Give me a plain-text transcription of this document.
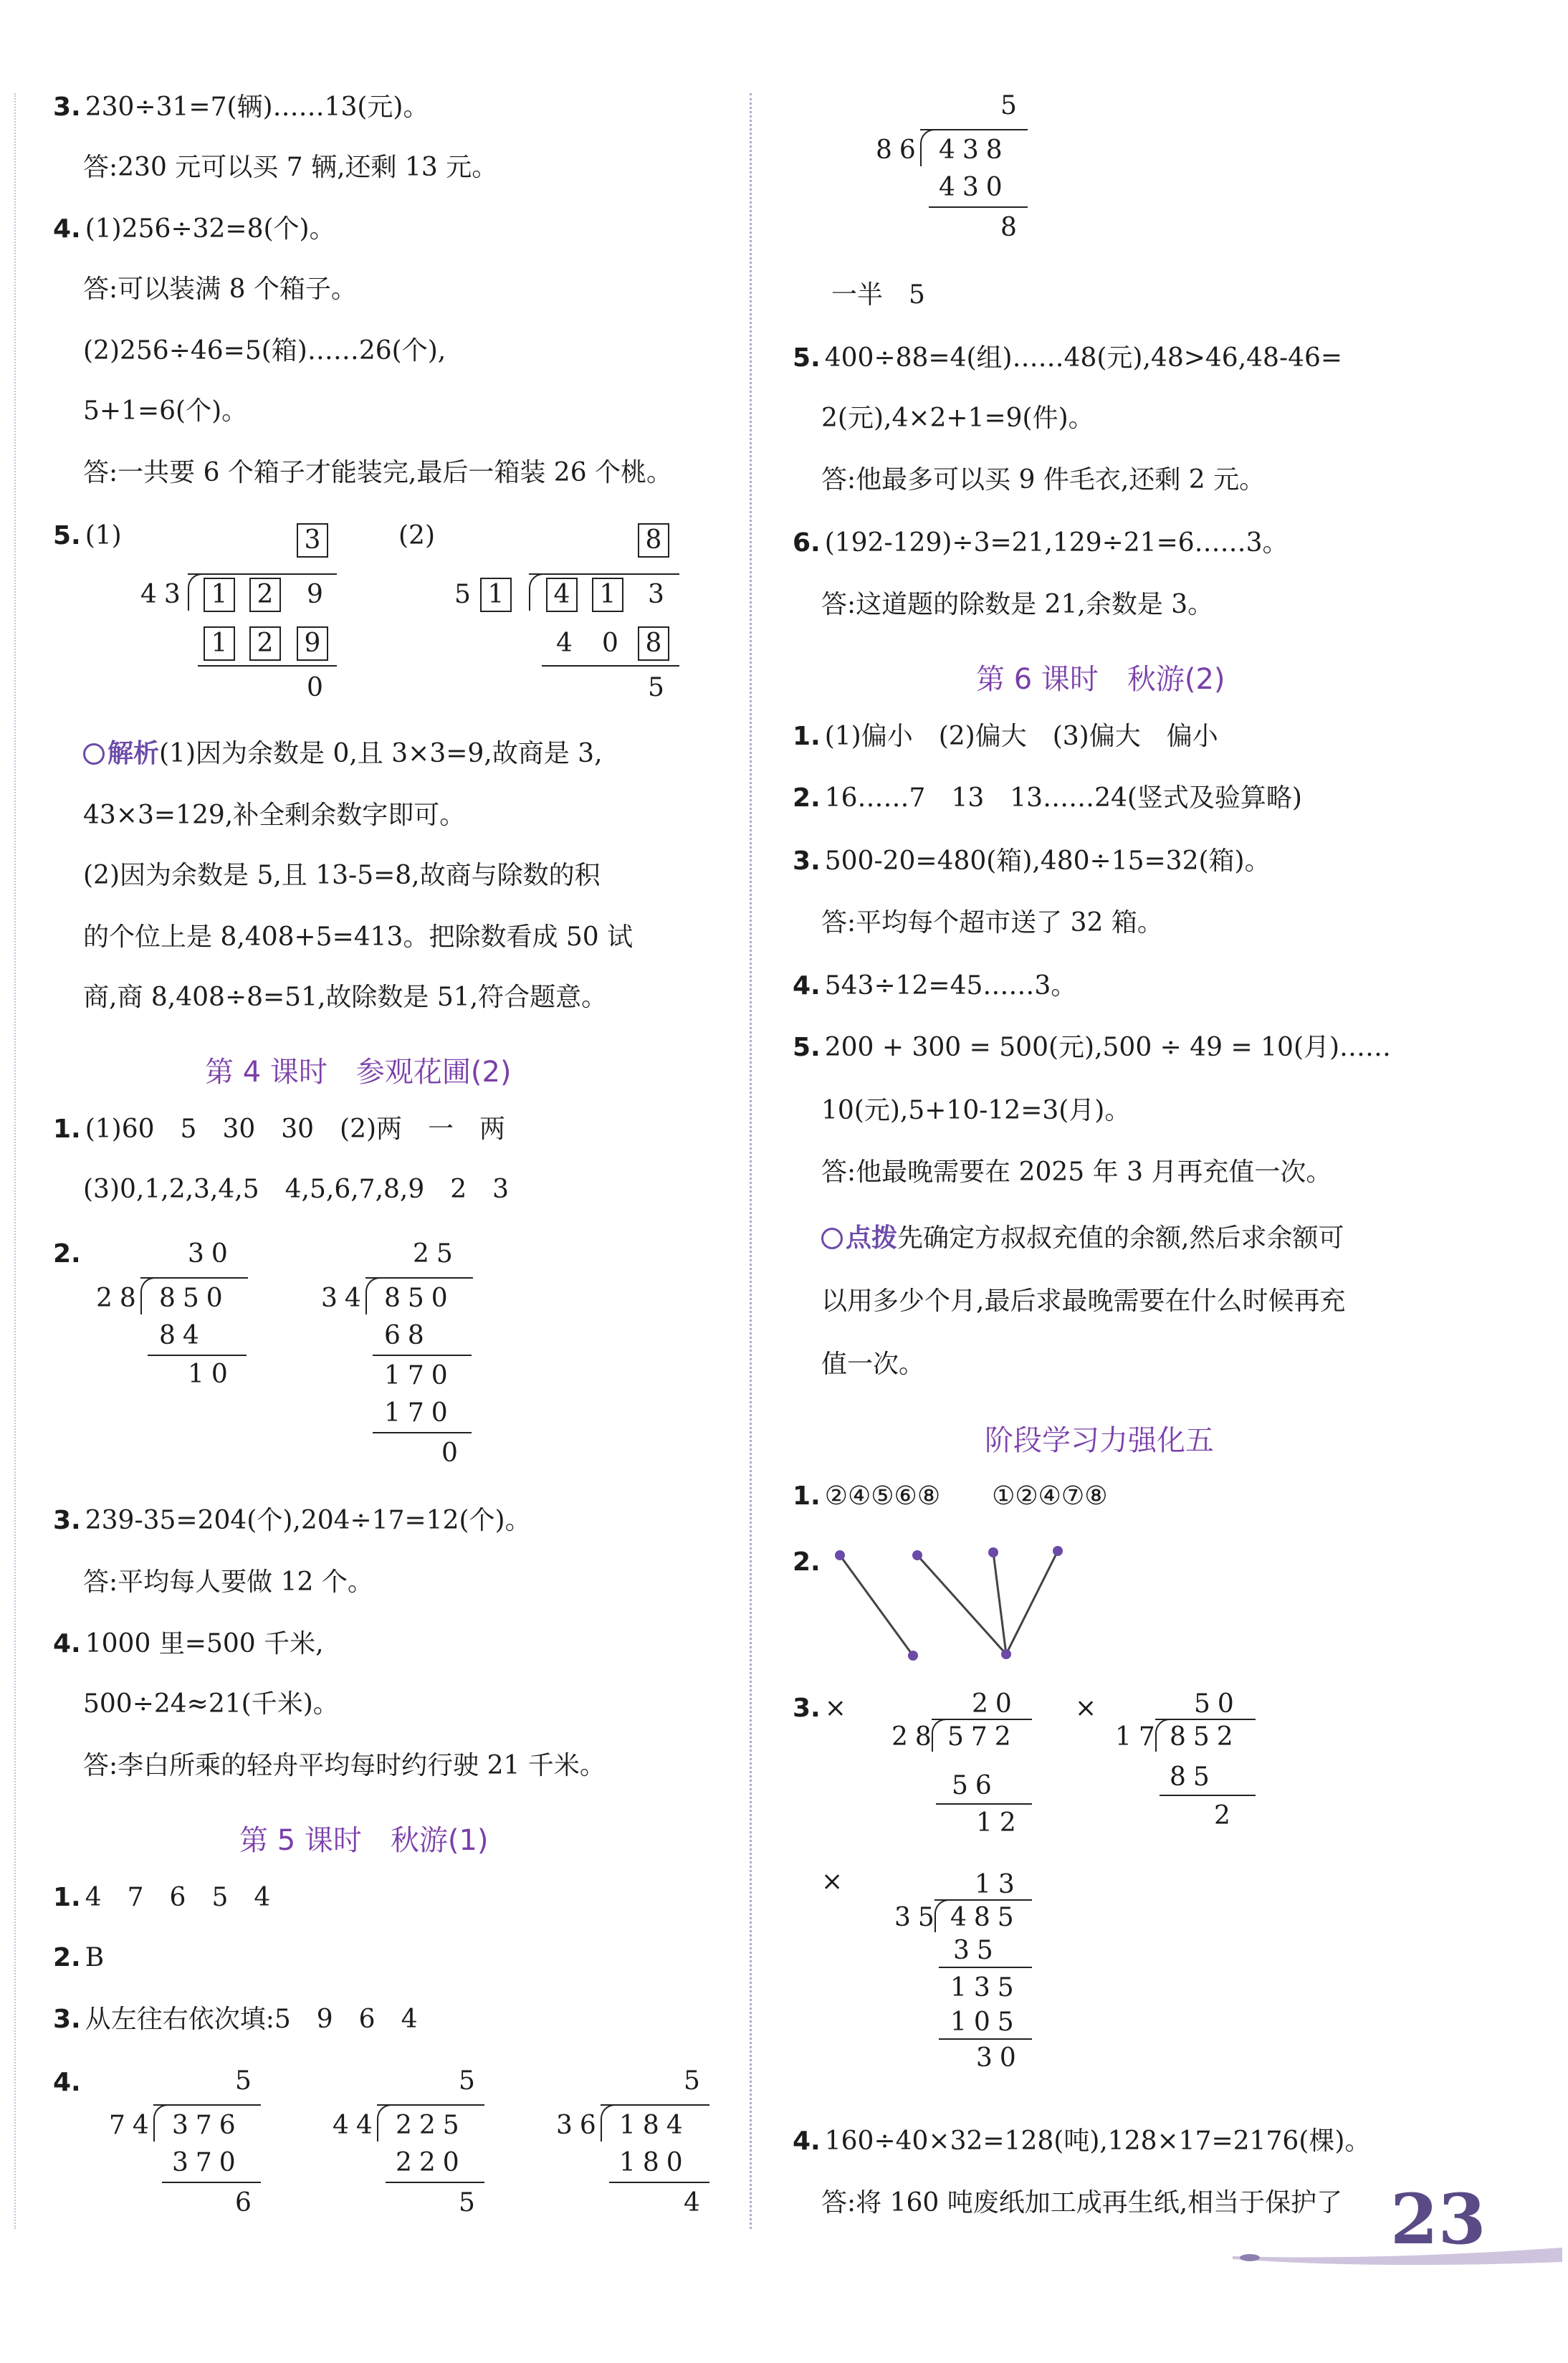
3. 230÷31=7(辆)……13(元)。
答:230 元可以买 7 辆,还剩 13 元。
4. (1)256÷32=8(个)。
答:可以装满 8 个箱子。
(2)256÷46=5(箱)……26(个),
5+1=6(个)。
答:一共要 6 个箱子才能装完,最后一箱装 26 个桃。
5. (1)	(2)
3
43 1 2 9
1 2 9
0
8
5 1 4 1 3
4 0 8
5
解析(1)因为余数是 0,且 3×3=9,故商是 3,
43×3=129,补全剩余数字即可。
(2)因为余数是 5,且 13-5=8,故商与除数的积
的个位上是 8,408+5=413。把除数看成 50 试
商,商 8,408÷8=51,故除数是 51,符合题意。
第 4 课时　参观花圃(2)
1. (1)60　5　30　30　(2)两　一　两
(3)0,1,2,3,4,5　4,5,6,7,8,9　2　3
2.	30
28 850
84
10
25
34 850
68
170
170
0
3. 239-35=204(个),204÷17=12(个)。
答:平均每人要做 12 个。
4. 1000 里=500 千米,
500÷24≈21(千米)。
答:李白所乘的轻舟平均每时约行驶 21 千米。
第 5 课时　秋游(1)
1. 4　7　6　5　4
2. B
3. 从左往右依次填:5　9　6　4
4.	5
74 376
370
6
5
44 225
220
5
5
36 184
180
4
5
86 438
430
8
一半　5
5. 400÷88=4(组)……48(元),48>46,48-46=
2(元),4×2+1=9(件)。
答:他最多可以买 9 件毛衣,还剩 2 元。
6. (192-129)÷3=21,129÷21=6……3。
答:这道题的除数是 21,余数是 3。
第 6 课时　秋游(2)
1. (1)偏小　(2)偏大　(3)偏大　偏小
2. 16……7　13　13……24(竖式及验算略)
3. 500-20=480(箱),480÷15=32(箱)。
答:平均每个超市送了 32 箱。
4. 543÷12=45……3。
5. 200 + 300 = 500(元),500 ÷ 49 = 10(月)……
10(元),5+10-12=3(月)。
答:他最晚需要在 2025 年 3 月再充值一次。
点拨先确定方叔叔充值的余额,然后求余额可
以用多少个月,最后求最晚需要在什么时候再充
值一次。
阶段学习力强化五
1. ②④⑤⑥⑧　　①②④⑦⑧
2.
3. ×	20
28 572
56
12
×	50
17 852
85
2
×	13
35 485
35
135
105
30
4. 160÷40×32=128(吨),128×17=2176(棵)。
答:将 160 吨废纸加工成再生纸,相当于保护了 23
